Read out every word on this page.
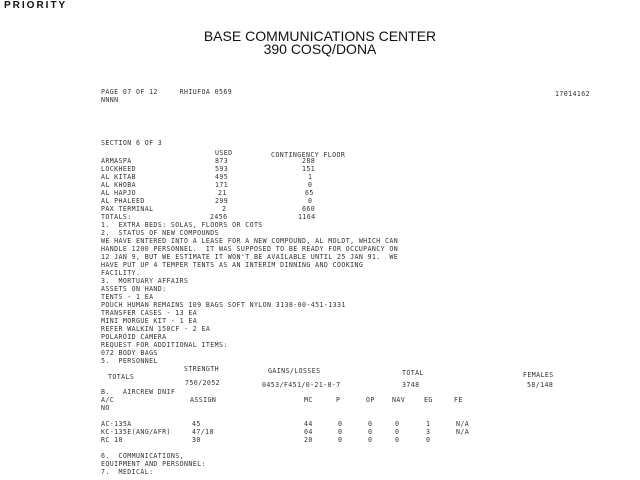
PRIORITY
BASE COMMUNICATIONS CENTER
390 COSQ/DONA
PAGE 07 OF 12     RHIUFOA 0569	17014162
NNNN
SECTION 6 OF 3
USED	CONTINGENCY FLOOR
ARMASPA	873	288
LOCKHEED	593	151
AL KITAB	495	1
AL KHOBA	171	0
AL HAPJO	21	65
AL PHALEED	299	0
PAX TERMINAL	2	660
TOTALS:	2456	1164
1.  EXTRA BEDS: SOLAS, FLOORS OR COTS
2.  STATUS OF NEW COMPOUNDS
WE HAVE ENTERED INTO A LEASE FOR A NEW COMPOUND, AL MOLDT, WHICH CAN
HANDLE 1200 PERSONNEL.  IT WAS SUPPOSED TO BE READY FOR OCCUPANCY ON
12 JAN 9, BUT WE ESTIMATE IT WON'T BE AVAILABLE UNTIL 25 JAN 91.  WE
HAVE PUT UP 4 TEMPER TENTS AS AN INTERIM DINNING AND COOKING
FACILITY.
3.  MORTUARY AFFAIRS
ASSETS ON HAND:
TENTS - 1 EA
POUCH HUMAN REMAINS 109 BAGS SOFT NYLON 3138-00-451-1331
TRANSFER CASES - 13 EA
MINI MORGUE KIT - 1 EA
REFER WALKIN 150CF - 2 EA
POLAROID CAMERA
REQUEST FOR ADDITIONAL ITEMS:
072 BODY BAGS
5.  PERSONNEL
STRENGTH	GAINS/LOSSES	TOTAL	FEMALES
TOTALS
756/2052	0453/F451/0-21-0-7	3748	58/148
B.   AIRCREW DNIF
A/C	ASSIGN	MC	P	OP	NAV	EG	FE
NO
AC-135A	45	44	0	0	0	1	N/A
KC-135E(ANG/AFR)	47/18	04	0	0	0	3	N/A
RC 10	30	20	0	0	0	0
6.  COMMUNICATIONS,
EQUIPMENT AND PERSONNEL:
7.  MEDICAL:
